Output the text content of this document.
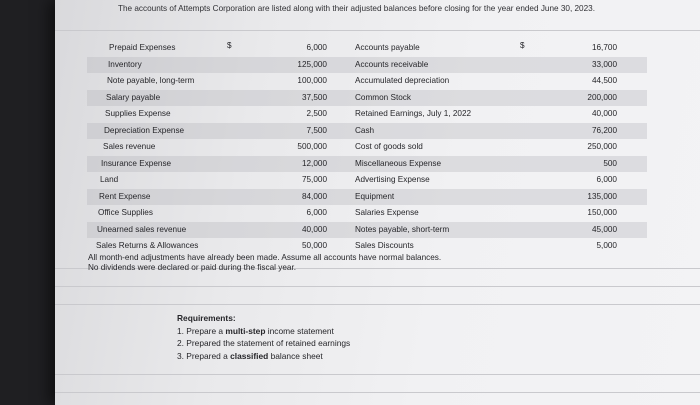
The accounts of Attempts Corporation are listed along with their adjusted balances before closing for the year ended June 30, 2023.
$	$
Prepaid Expenses	6,000	Accounts payable	16,700
Inventory	125,000	Accounts receivable	33,000
Note payable, long-term	100,000	Accumulated depreciation	44,500
Salary payable	37,500	Common Stock	200,000
Supplies Expense	2,500	Retained Earnings, July 1, 2022	40,000
Depreciation Expense	7,500	Cash	76,200
Sales revenue	500,000	Cost of goods sold	250,000
Insurance Expense	12,000	Miscellaneous Expense	500
Land	75,000	Advertising Expense	6,000
Rent Expense	84,000	Equipment	135,000
Office Supplies	6,000	Salaries Expense	150,000
Unearned sales revenue	40,000	Notes payable, short-term	45,000
Sales Returns & Allowances	50,000	Sales Discounts	5,000
All month-end adjustments have already been made. Assume all accounts have normal balances.
No dividends were declared or paid during the fiscal year.
Requirements:
1. Prepare a multi-step income statement
2. Prepared the statement of retained earnings
3. Prepared a classified balance sheet
